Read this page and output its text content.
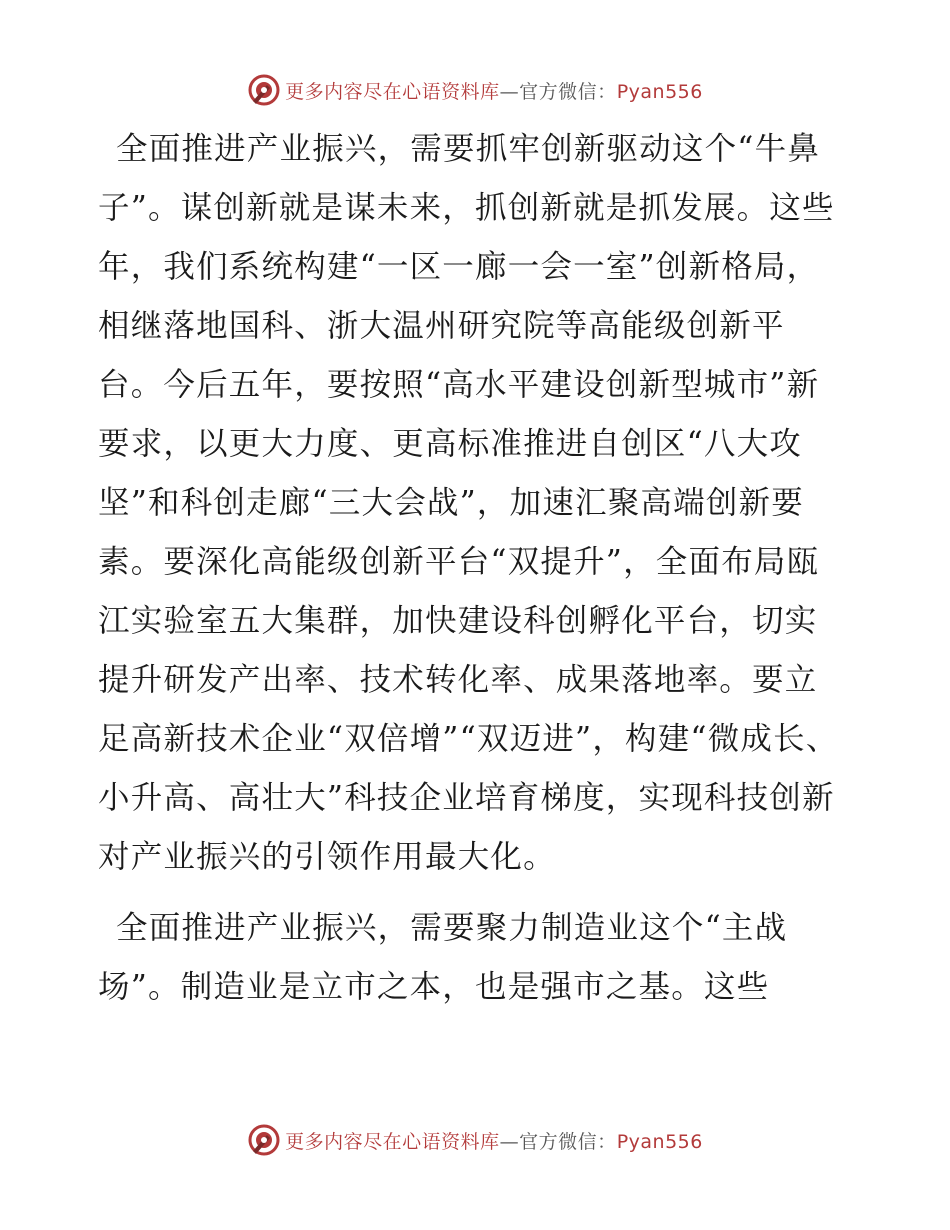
更多内容尽在心语资料库—官方微信：Pyan556

全面推进产业振兴，需要抓牢创新驱动这个“牛鼻子”。谋创新就是谋未来，抓创新就是抓发展。这些年，我们系统构建“一区一廊一会一室”创新格局，相继落地国科、浙大温州研究院等高能级创新平台。今后五年，要按照“高水平建设创新型城市”新要求，以更大力度、更高标准推进自创区“八大攻坚”和科创走廊“三大会战”，加速汇聚高端创新要素。要深化高能级创新平台“双提升”，全面布局瓯江实验室五大集群，加快建设科创孵化平台，切实提升研发产出率、技术转化率、成果落地率。要立足高新技术企业“双倍增”“双迈进”，构建“微成长、小升高、高壮大”科技企业培育梯度，实现科技创新对产业振兴的引领作用最大化。

全面推进产业振兴，需要聚力制造业这个“主战场”。制造业是立市之本，也是强市之基。这些

更多内容尽在心语资料库—官方微信：Pyan556
